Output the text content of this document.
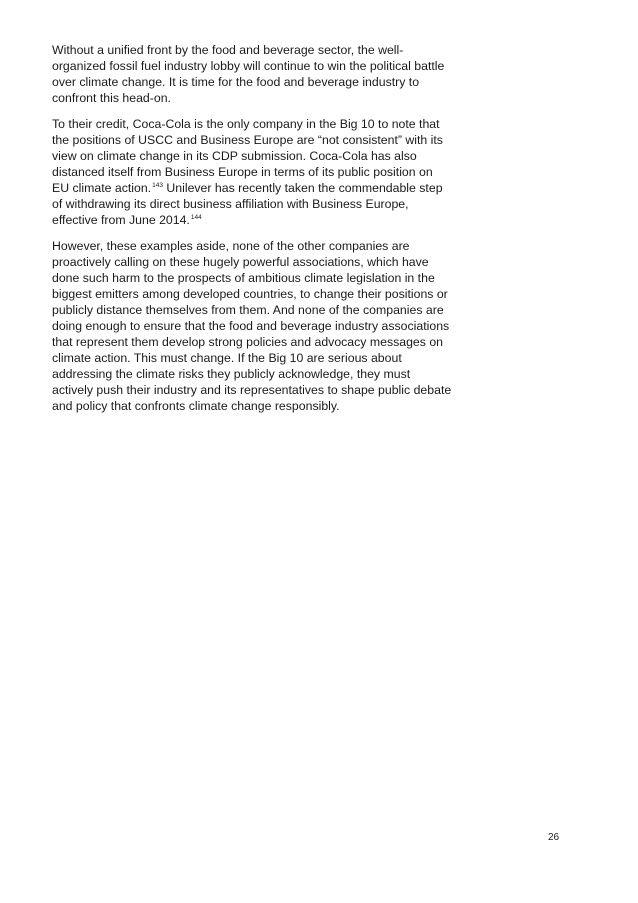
Without a unified front by the food and beverage sector, the well-
organized fossil fuel industry lobby will continue to win the political battle
over climate change. It is time for the food and beverage industry to
confront this head-on.

To their credit, Coca-Cola is the only company in the Big 10 to note that
the positions of USCC and Business Europe are “not consistent” with its
view on climate change in its CDP submission. Coca-Cola has also
distanced itself from Business Europe in terms of its public position on
EU climate action.$^{143}$ Unilever has recently taken the commendable step
of withdrawing its direct business affiliation with Business Europe,
effective from June 2014.$^{144}$

However, these examples aside, none of the other companies are
proactively calling on these hugely powerful associations, which have
done such harm to the prospects of ambitious climate legislation in the
biggest emitters among developed countries, to change their positions or
publicly distance themselves from them. And none of the companies are
doing enough to ensure that the food and beverage industry associations
that represent them develop strong policies and advocacy messages on
climate action. This must change. If the Big 10 are serious about
addressing the climate risks they publicly acknowledge, they must
actively push their industry and its representatives to shape public debate
and policy that confronts climate change responsibly.

26
